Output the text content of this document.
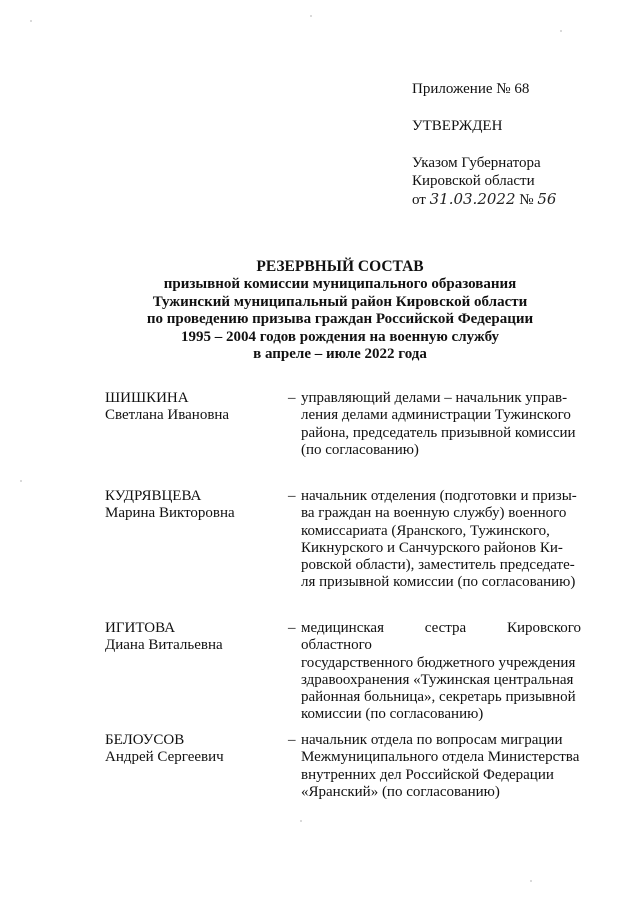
Приложение № 68
УТВЕРЖДЕН
Указом Губернатора
Кировской области
от 31.03.2022 № 56
РЕЗЕРВНЫЙ СОСТАВ
призывной комиссии муниципального образования
Тужинский муниципальный район Кировской области
по проведению призыва граждан Российской Федерации
1995 – 2004 годов рождения на военную службу
в апреле – июле 2022 года
ШИШКИНА
Светлана Ивановна
– управляющий делами – начальник управ-
ления делами администрации Тужинского
района, председатель призывной комиссии
(по согласованию)
КУДРЯВЦЕВА
Марина Викторовна
– начальник отделения (подготовки и призы-
ва граждан на военную службу) военного
комиссариата (Яранского, Тужинского,
Кикнурского и Санчурского районов Ки-
ровской области), заместитель председате-
ля призывной комиссии (по согласованию)
ИГИТОВА
Диана Витальевна
– медицинская сестра Кировского областного
государственного бюджетного учреждения
здравоохранения «Тужинская центральная
районная больница», секретарь призывной
комиссии (по согласованию)
БЕЛОУСОВ
Андрей Сергеевич
– начальник отдела по вопросам миграции
Межмуниципального отдела Министерства
внутренних дел Российской Федерации
«Яранский» (по согласованию)
